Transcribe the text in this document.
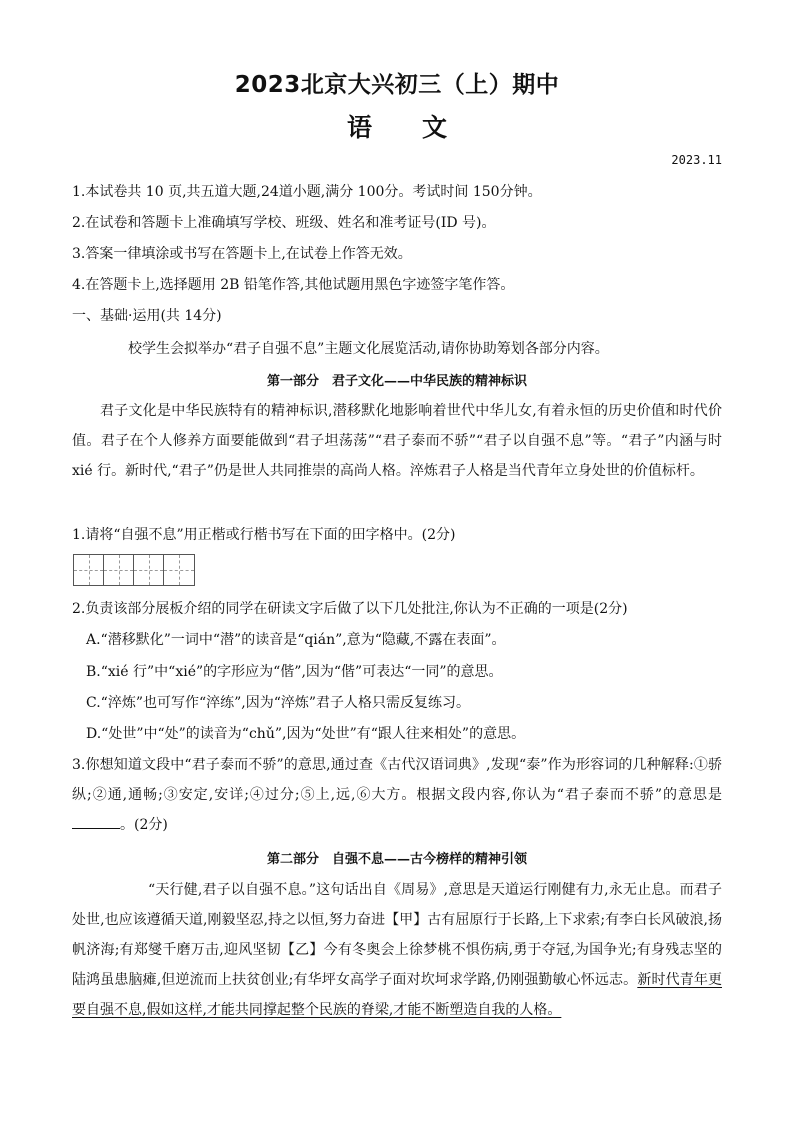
2023北京大兴初三（上）期中
语 文
2023.11
1.本试卷共 10 页,共五道大题,24道小题,满分 100分。考试时间 150分钟。
2.在试卷和答题卡上准确填写学校、班级、姓名和准考证号(ID 号)。
3.答案一律填涂或书写在答题卡上,在试卷上作答无效。
4.在答题卡上,选择题用 2B 铅笔作答,其他试题用黑色字迹签字笔作答。
一、基础·运用(共 14分)
校学生会拟举办“君子自强不息”主题文化展览活动,请你协助筹划各部分内容。
第一部分　君子文化——中华民族的精神标识
君子文化是中华民族特有的精神标识,潜移默化地影响着世代中华儿女,有着永恒的历史价值和时代价值。君子在个人修养方面要能做到“君子坦荡荡”“君子泰而不骄”“君子以自强不息”等。“君子”内涵与时 xié 行。新时代,“君子”仍是世人共同推崇的高尚人格。淬炼君子人格是当代青年立身处世的价值标杆。
1.请将“自强不息”用正楷或行楷书写在下面的田字格中。(2分)
2.负责该部分展板介绍的同学在研读文字后做了以下几处批注,你认为不正确的一项是(2分)
A.“潜移默化”一词中“潜”的读音是“qián”,意为“隐藏,不露在表面”。
B.“xié 行”中“xié”的字形应为“偕”,因为“偕”可表达“一同”的意思。
C.“淬炼”也可写作“淬练”,因为“淬炼”君子人格只需反复练习。
D.“处世”中“处”的读音为“chǔ”,因为“处世”有“跟人往来相处”的意思。
3.你想知道文段中“君子泰而不骄”的意思,通过查《古代汉语词典》,发现“泰”作为形容词的几种解释:①骄纵;②通,通畅;③安定,安详;④过分;⑤上,远,⑥大方。根据文段内容,你认为“君子泰而不骄”的意思是 。(2分)
第二部分　自强不息——古今榜样的精神引领
“天行健,君子以自强不息。”这句话出自《周易》,意思是天道运行刚健有力,永无止息。而君子处世,也应该遵循天道,刚毅坚忍,持之以恒,努力奋进【甲】古有屈原行于长路,上下求索;有李白长风破浪,扬帆济海;有郑燮千磨万击,迎风坚韧【乙】今有冬奥会上徐梦桃不惧伤病,勇于夺冠,为国争光;有身残志坚的陆鸿虽患脑瘫,但逆流而上扶贫创业;有华坪女高学子面对坎坷求学路,仍刚强勤敏心怀远志。新时代青年更要自强不息,假如这样,才能共同撑起整个民族的脊梁,才能不断塑造自我的人格。
